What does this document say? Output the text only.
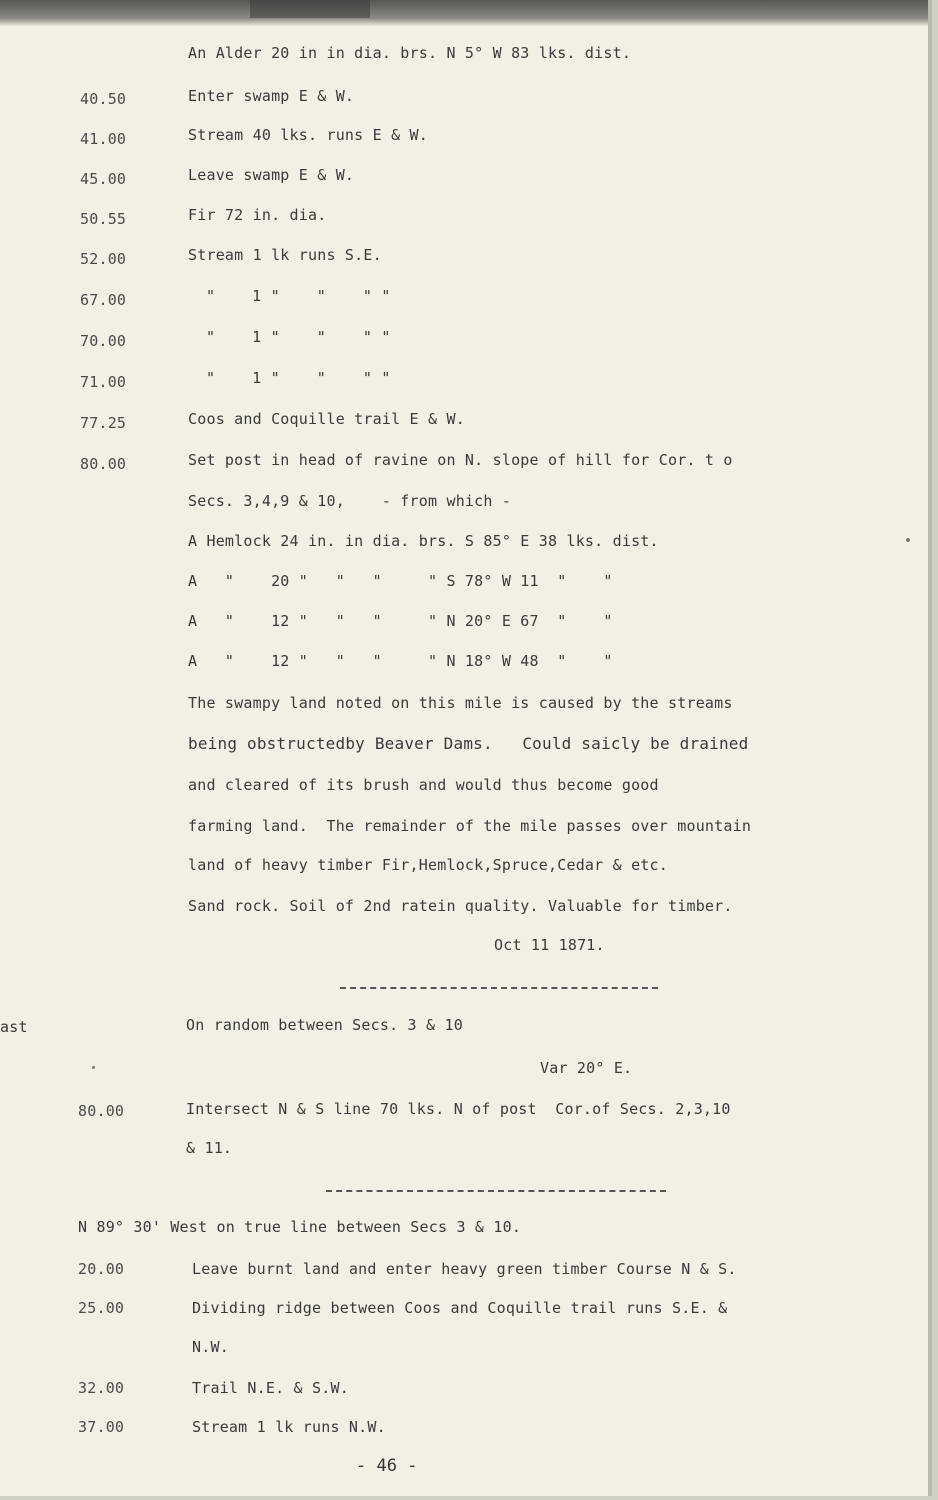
An Alder 20 in in dia. brs. N 5° W 83 lks. dist.
40.50	Enter swamp E & W.
41.00	Stream 40 lks. runs E & W.
45.00	Leave swamp E & W.
50.55	Fir 72 in. dia.
52.00	Stream 1 lk runs S.E.
67.00	"    1 "    "    " "
70.00	"    1 "    "    " "
71.00	"    1 "    "    " "
77.25	Coos and Coquille trail E & W.
80.00	Set post in head of ravine on N. slope of hill for Cor. t o
Secs. 3,4,9 & 10,    - from which -
A Hemlock 24 in. in dia. brs. S 85° E 38 lks. dist.
A   "    20 "   "   "     " S 78° W 11  "    "
A   "    12 "   "   "     " N 20° E 67  "    "
A   "    12 "   "   "     " N 18° W 48  "    "
The swampy land noted on this mile is caused by the streams
being obstructedby Beaver Dams.   Could saicly be drained
and cleared of its brush and would thus become good
farming land.  The remainder of the mile passes over mountain
land of heavy timber Fir,Hemlock,Spruce,Cedar & etc.
Sand rock. Soil of 2nd ratein quality. Valuable for timber.
Oct 11 1871.
ast	On random between Secs. 3 & 10
Var 20° E.
80.00	Intersect N & S line 70 lks. N of post  Cor.of Secs. 2,3,10
& 11.
N 89° 30' West on true line between Secs 3 & 10.
20.00	Leave burnt land and enter heavy green timber Course N & S.
25.00	Dividing ridge between Coos and Coquille trail runs S.E. &
N.W.
32.00	Trail N.E. & S.W.
37.00	Stream 1 lk runs N.W.
- 46 -
